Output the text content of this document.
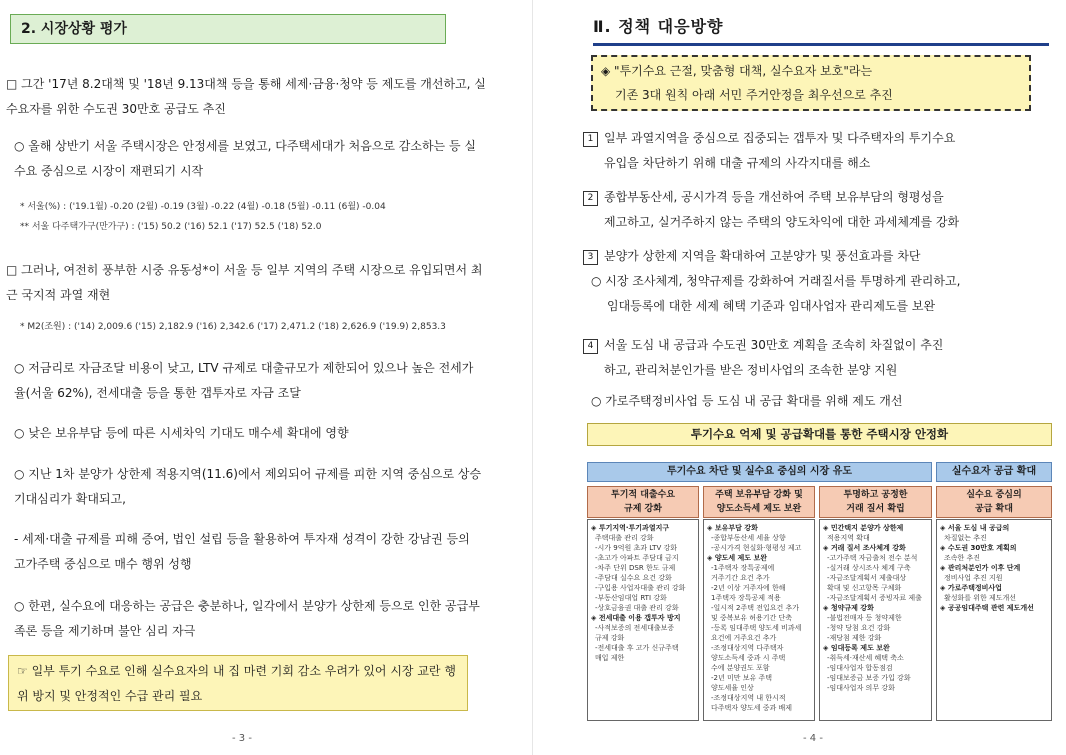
2. 시장상황 평가
□ 그간 '17년 8.2대책 및 '18년 9.13대책 등을 통해 세제·금융·청약 등 제도를 개선하고, 실수요자를 위한 수도권 30만호 공급도 추진
○ 올해 상반기 서울 주택시장은 안정세를 보였고, 다주택세대가 처음으로 감소하는 등 실수요 중심으로 시장이 재편되기 시작
* 서울(%) : ('19.1월) -0.20 (2월) -0.19 (3월) -0.22 (4월) -0.18 (5월) -0.11 (6월) -0.04
** 서울 다주택가구(만가구) : ('15) 50.2 ('16) 52.1 ('17) 52.5 ('18) 52.0
□ 그러나, 여전히 풍부한 시중 유동성*이 서울 등 일부 지역의 주택 시장으로 유입되면서 최근 국지적 과열 재현
* M2(조원) : ('14) 2,009.6 ('15) 2,182.9 ('16) 2,342.6 ('17) 2,471.2 ('18) 2,626.9 ('19.9) 2,853.3
○ 저금리로 자금조달 비용이 낮고, LTV 규제로 대출규모가 제한되어 있으나 높은 전세가율(서울 62%), 전세대출 등을 통한 갭투자로 자금 조달
○ 낮은 보유부담 등에 따른 시세차익 기대도 매수세 확대에 영향
○ 지난 1차 분양가 상한제 적용지역(11.6)에서 제외되어 규제를 피한 지역 중심으로 상승 기대심리가 확대되고,
- 세제·대출 규제를 피해 증여, 법인 설립 등을 활용하여 투자재 성격이 강한 강남권 등의 고가주택 중심으로 매수 행위 성행
○ 한편, 실수요에 대응하는 공급은 충분하나, 일각에서 분양가 상한제 등으로 인한 공급부족론 등을 제기하며 불안 심리 자극
☞ 일부 투기 수요로 인해 실수요자의 내 집 마련 기회 감소 우려가 있어 시장 교란 행위 방지 및 안정적인 수급 관리 필요
- 3 -
Ⅱ. 정책 대응방향
◈ "투기수요 근절, 맞춤형 대책, 실수요자 보호"라는
기존 3대 원칙 아래 서민 주거안정을 최우선으로 추진
1 일부 과열지역을 중심으로 집중되는 갭투자 및 다주택자의 투기수요
유입을 차단하기 위해 대출 규제의 사각지대를 해소
2 종합부동산세, 공시가격 등을 개선하여 주택 보유부담의 형평성을
제고하고, 실거주하지 않는 주택의 양도차익에 대한 과세체계를 강화
3 분양가 상한제 지역을 확대하여 고분양가 및 풍선효과를 차단
○ 시장 조사체계, 청약규제를 강화하여 거래질서를 투명하게 관리하고,
임대등록에 대한 세제 혜택 기준과 임대사업자 관리제도를 보완
4 서울 도심 내 공급과 수도권 30만호 계획을 조속히 차질없이 추진
하고, 관리처분인가를 받은 정비사업의 조속한 분양 지원
○ 가로주택정비사업 등 도심 내 공급 확대를 위해 제도 개선
투기수요 억제 및 공급확대를 통한 주택시장 안정화
투기수요 차단 및 실수요 중심의 시장 유도	실수요자 공급 확대
투기적 대출수요
규제 강화
주택 보유부담 강화 및
양도소득세 제도 보완
투명하고 공정한
거래 질서 확립
실수요 중심의
공급 확대
◈ 투기지역·투기과열지구
주택대출 관리 강화
-시가 9억원 초과 LTV 강화
-초고가 아파트 주담대 금지
-차주 단위 DSR 한도 규제
-주담대 실수요 요건 강화
-구입용 사업자대출 관리 강화
-부동산임대업 RTI 강화
-상호금융권 대출 관리 강화
◈ 전세대출 이용 갭투자 방지
-사적보증의 전세대출보증
규제 강화
-전세대출 후 고가 신규주택
매입 제한
◈ 보유부담 강화
-종합부동산세 세율 상향
-공시가격 현실화·형평성 제고
◈ 양도세 제도 보완
-1주택자 장특공제에
거주기간 요건 추가
-2년 이상 거주자에 한해
1주택자 장특공제 적용
-일시적 2주택 전입요건 추가
및 중복보유 허용기간 단축
-등록 임대주택 양도세 비과세
요건에 거주요건 추가
-조정대상지역 다주택자
양도소득세 중과 시 주택
수에 분양권도 포함
-2년 미만 보유 주택
양도세율 인상
-조정대상지역 내 한시적
다주택자 양도세 중과 배제
◈ 민간택지 분양가 상한제
적용지역 확대
◈ 거래 질서 조사체계 강화
-고가주택 자금출처 전수 분석
-실거래 상시조사 체계 구축
-자금조달계획서 제출대상
확대 및 신고항목 구체화
-자금조달계획서 증빙자료 제출
◈ 청약규제 강화
-불법전매자 등 청약제한
-청약 당첨 요건 강화
-재당첨 제한 강화
◈ 임대등록 제도 보완
-취득세·재산세 혜택 축소
-임대사업자 합동점검
-임대보증금 보증 가입 강화
-임대사업자 의무 강화
◈ 서울 도심 내 공급의
차질없는 추진
◈ 수도권 30만호 계획의
조속한 추진
◈ 관리처분인가 이후 단계
정비사업 추진 지원
◈ 가로주택정비사업
활성화를 위한 제도개선
◈ 공공임대주택 관련 제도개선
- 4 -
